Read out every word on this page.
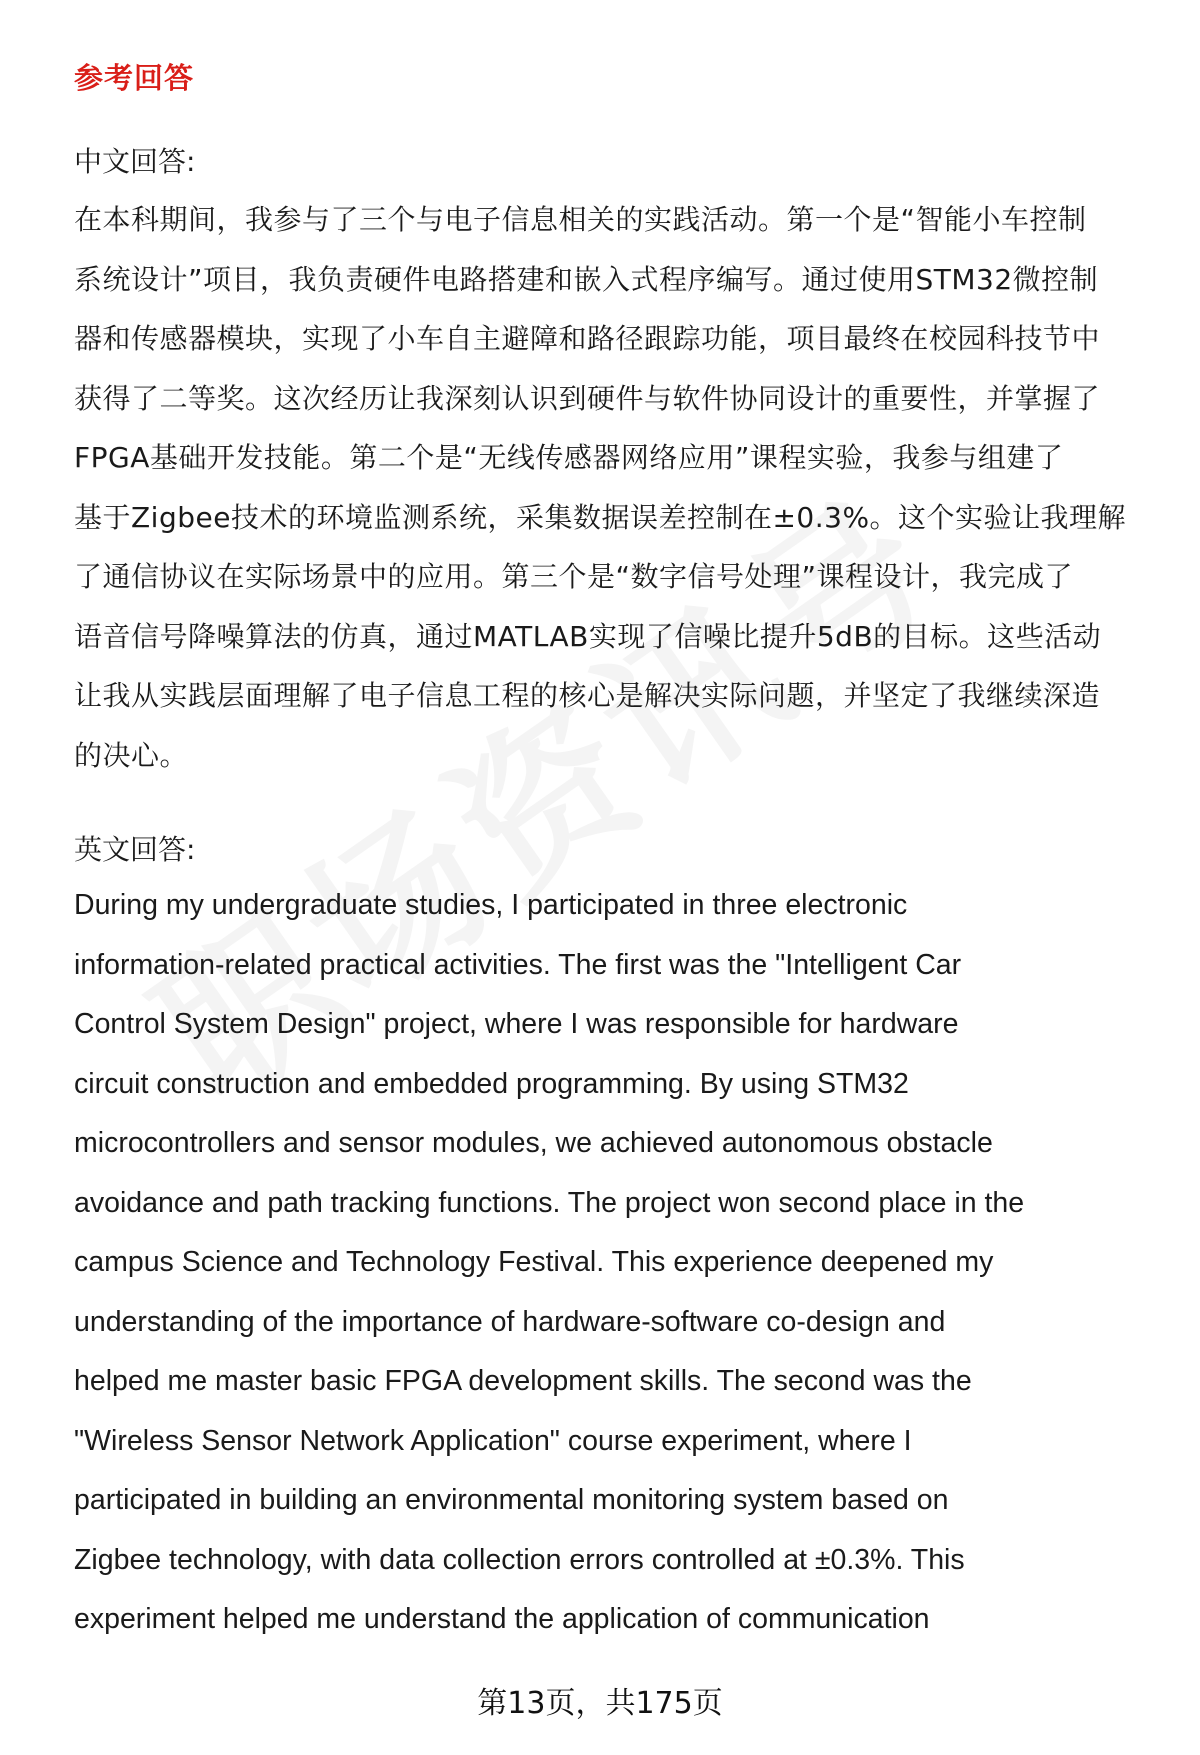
参考回答
中文回答:

在本科期间，我参与了三个与电子信息相关的实践活动。第一个是“智能小车控制
系统设计”项目，我负责硬件电路搭建和嵌入式程序编写。通过使用STM32微控制
器和传感器模块，实现了小车自主避障和路径跟踪功能，项目最终在校园科技节中
获得了二等奖。这次经历让我深刻认识到硬件与软件协同设计的重要性，并掌握了
FPGA基础开发技能。第二个是“无线传感器网络应用”课程实验，我参与组建了
基于Zigbee技术的环境监测系统，采集数据误差控制在±0.3%。这个实验让我理解
了通信协议在实际场景中的应用。第三个是“数字信号处理”课程设计，我完成了
语音信号降噪算法的仿真，通过MATLAB实现了信噪比提升5dB的目标。这些活动
让我从实践层面理解了电子信息工程的核心是解决实际问题，并坚定了我继续深造
的决心。

英文回答:

During my undergraduate studies, I participated in three electronic
information-related practical activities. The first was the "Intelligent Car
Control System Design" project, where I was responsible for hardware
circuit construction and embedded programming. By using STM32
microcontrollers and sensor modules, we achieved autonomous obstacle
avoidance and path tracking functions. The project won second place in the
campus Science and Technology Festival. This experience deepened my
understanding of the importance of hardware-software co-design and
helped me master basic FPGA development skills. The second was the
"Wireless Sensor Network Application" course experiment, where I
participated in building an environmental monitoring system based on
Zigbee technology, with data collection errors controlled at ±0.3%. This
experiment helped me understand the application of communication

第13页，共175页
